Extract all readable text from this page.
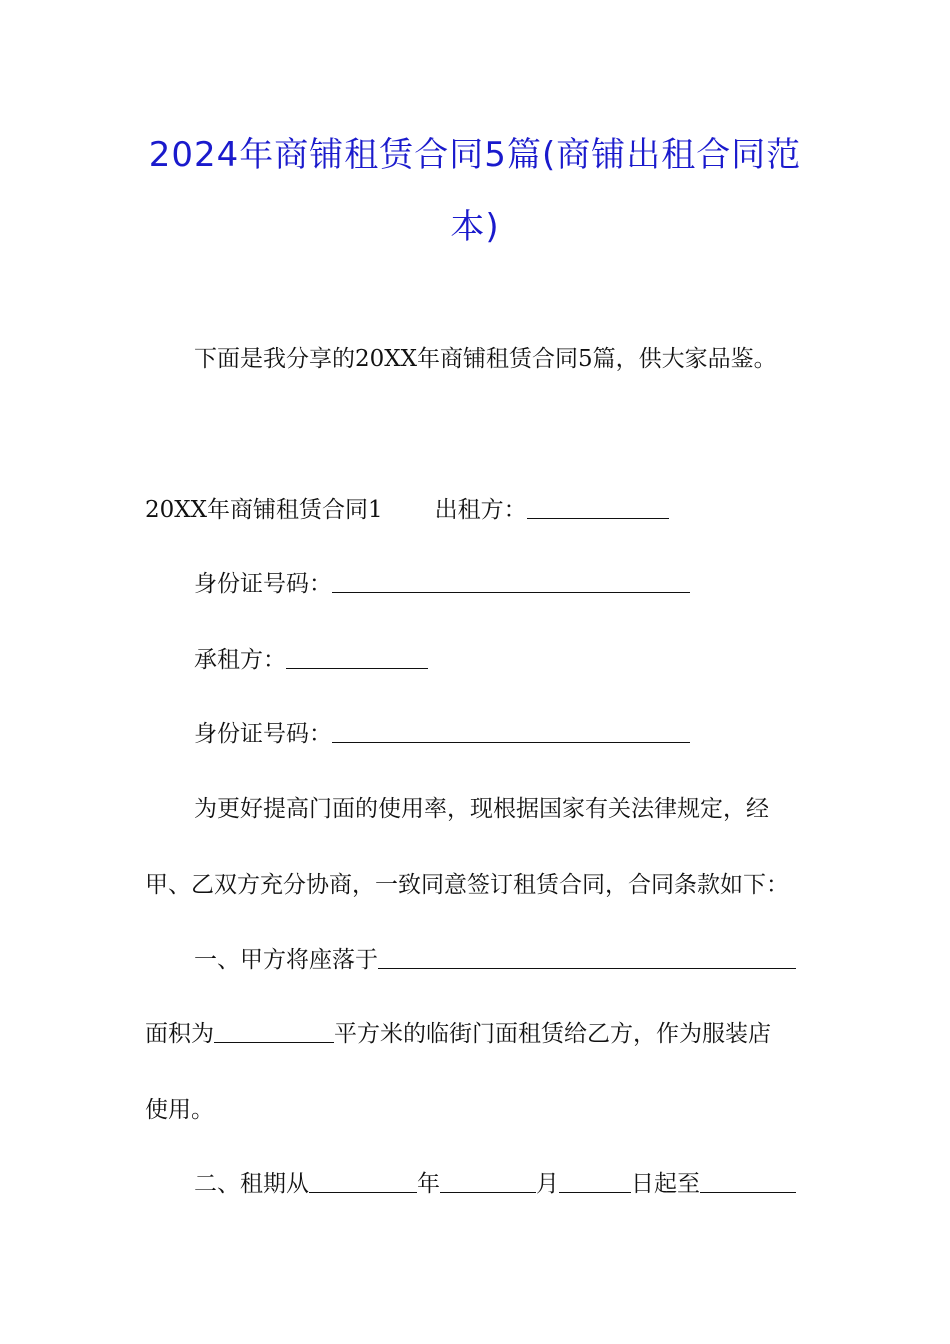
2024年商铺租赁合同5篇(商铺出租合同范
本)
下面是我分享的20XX年商铺租赁合同5篇，供大家品鉴。
20XX年商铺租赁合同1 出租方：
身份证号码：
承租方：
身份证号码：
为更好提高门面的使用率，现根据国家有关法律规定，经
甲、乙双方充分协商，一致同意签订租赁合同，合同条款如下：
一、甲方将座落于
面积为	平方米的临街门面租赁给乙方，作为服装店
使用。
二、租期从	年	月	日起至
